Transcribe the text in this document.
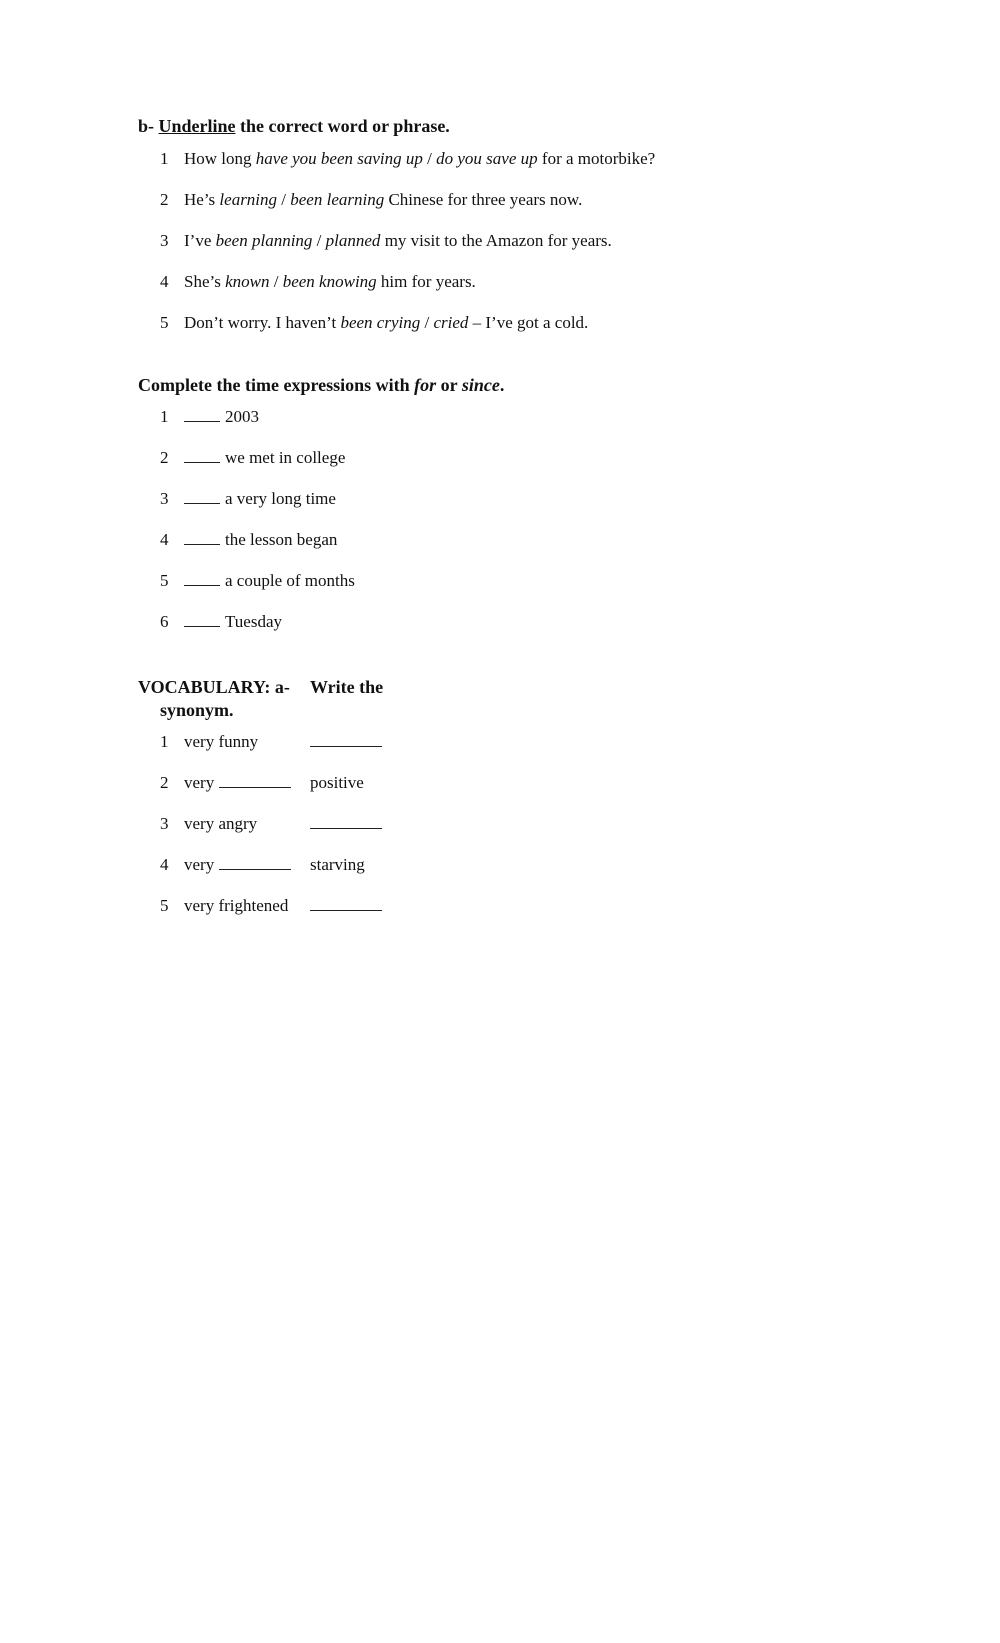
b- Underline the correct word or phrase.
1 How long have you been saving up / do you save up for a motorbike?
2 He’s learning / been learning Chinese for three years now.
3 I’ve been planning / planned my visit to the Amazon for years.
4 She’s known / been knowing him for years.
5 Don’t worry. I haven’t been crying / cried – I’ve got a cold.
Complete the time expressions with for or since.
1	2003
2	we met in college
3	a very long time
4	the lesson began
5	a couple of months
6	Tuesday
VOCABULARY: a- Write the
synonym.
1 very funny
2 very	positive
3 very angry
4 very	starving
5 very frightened
